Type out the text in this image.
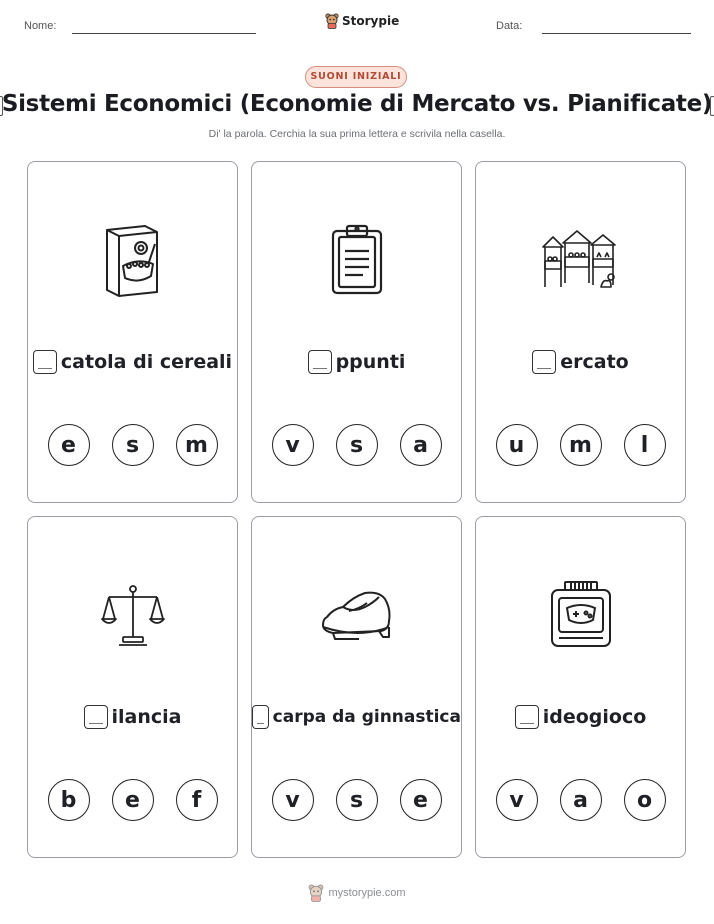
Nome:	Storypie	Data:
SUONI INIZIALI
Sistemi Economici (Economie di Mercato vs. Pianificate)
Di' la parola. Cerchia la sua prima lettera e scrivila nella casella.
catola di cereali
e	s	m
ppunti
v	s	a
ercato
u	m	l
ilancia
b	e	f
carpa da ginnastica
v	s	e
ideogioco
v	a	o
mystorypie.com
